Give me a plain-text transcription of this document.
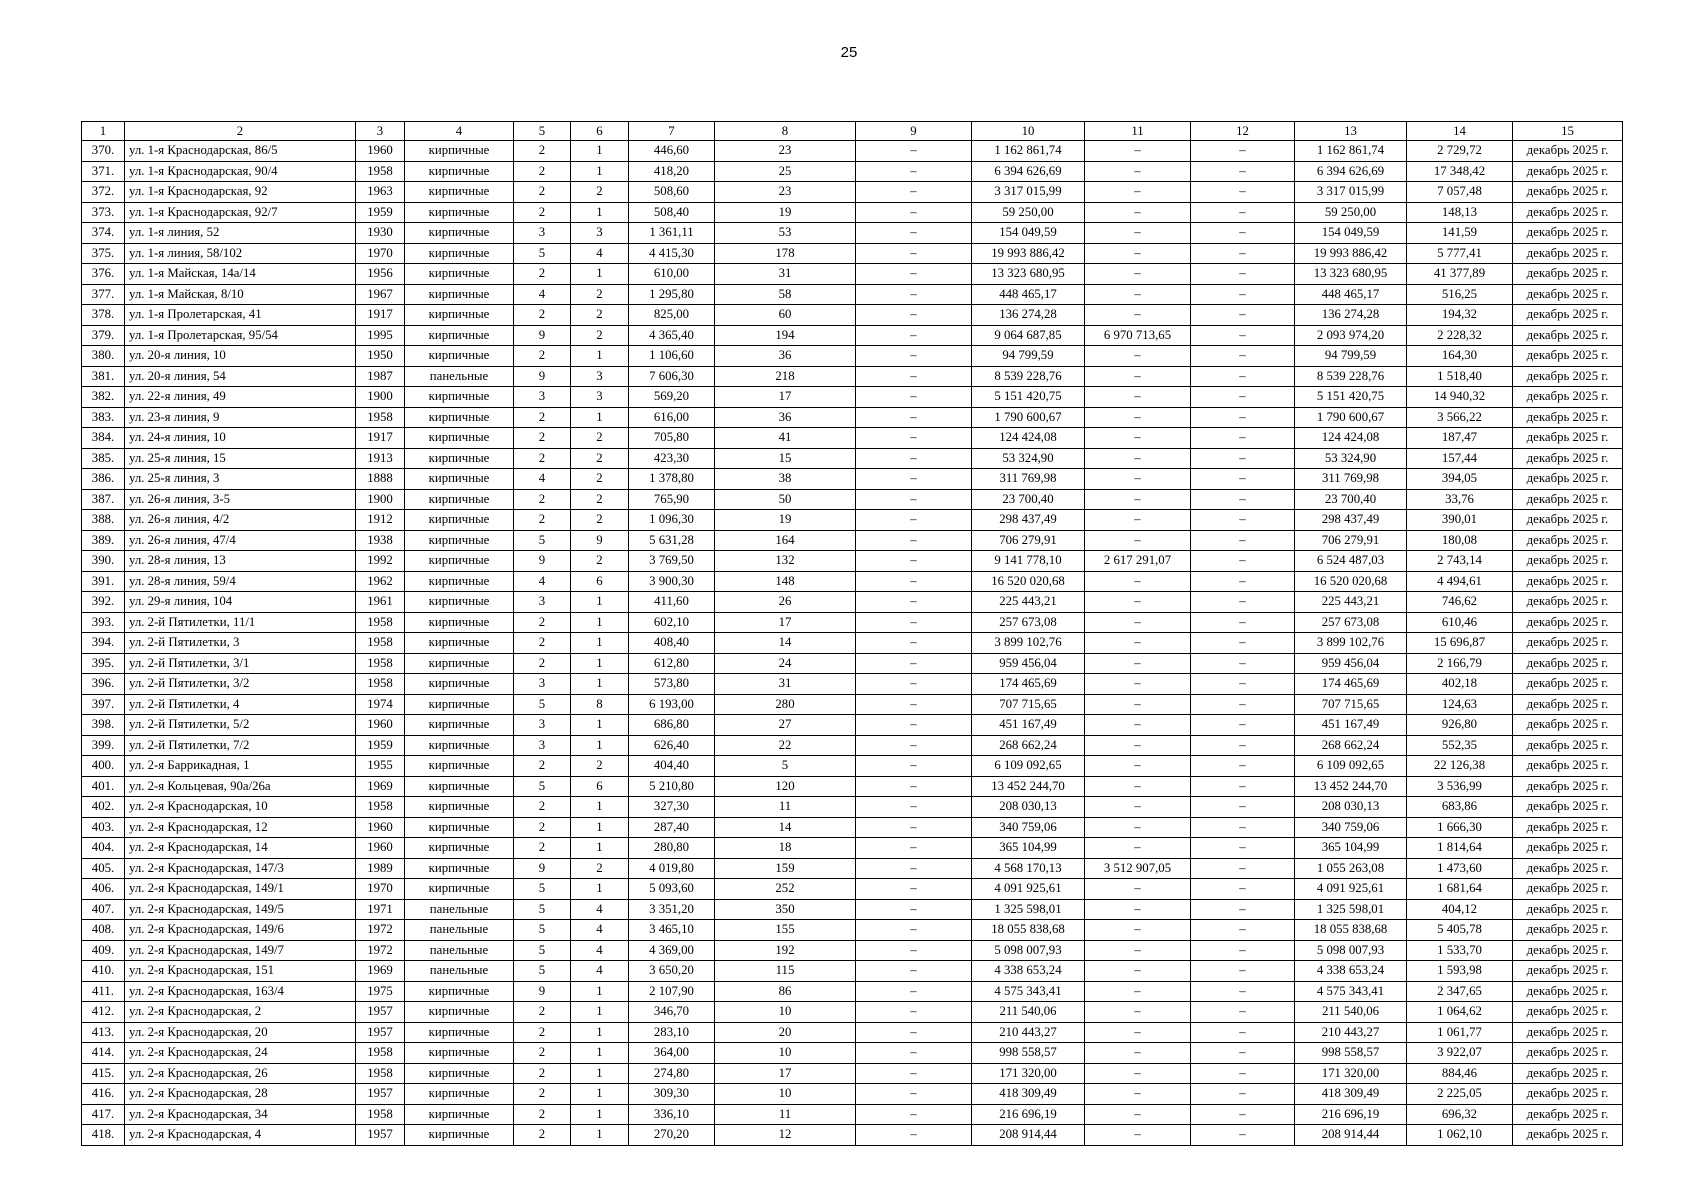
25
1	2	3	4	5	6	7	8	9	10	11	12	13	14	15
370.	ул. 1-я Краснодарская, 86/5	1960	кирпичные	2	1	446,60	23	–	1 162 861,74	–	–	1 162 861,74	2 729,72	декабрь 2025 г.
371.	ул. 1-я Краснодарская, 90/4	1958	кирпичные	2	1	418,20	25	–	6 394 626,69	–	–	6 394 626,69	17 348,42	декабрь 2025 г.
372.	ул. 1-я Краснодарская, 92	1963	кирпичные	2	2	508,60	23	–	3 317 015,99	–	–	3 317 015,99	7 057,48	декабрь 2025 г.
373.	ул. 1-я Краснодарская, 92/7	1959	кирпичные	2	1	508,40	19	–	59 250,00	–	–	59 250,00	148,13	декабрь 2025 г.
374.	ул. 1-я линия, 52	1930	кирпичные	3	3	1 361,11	53	–	154 049,59	–	–	154 049,59	141,59	декабрь 2025 г.
375.	ул. 1-я линия, 58/102	1970	кирпичные	5	4	4 415,30	178	–	19 993 886,42	–	–	19 993 886,42	5 777,41	декабрь 2025 г.
376.	ул. 1-я Майская, 14а/14	1956	кирпичные	2	1	610,00	31	–	13 323 680,95	–	–	13 323 680,95	41 377,89	декабрь 2025 г.
377.	ул. 1-я Майская, 8/10	1967	кирпичные	4	2	1 295,80	58	–	448 465,17	–	–	448 465,17	516,25	декабрь 2025 г.
378.	ул. 1-я Пролетарская, 41	1917	кирпичные	2	2	825,00	60	–	136 274,28	–	–	136 274,28	194,32	декабрь 2025 г.
379.	ул. 1-я Пролетарская, 95/54	1995	кирпичные	9	2	4 365,40	194	–	9 064 687,85	6 970 713,65	–	2 093 974,20	2 228,32	декабрь 2025 г.
380.	ул. 20-я линия, 10	1950	кирпичные	2	1	1 106,60	36	–	94 799,59	–	–	94 799,59	164,30	декабрь 2025 г.
381.	ул. 20-я линия, 54	1987	панельные	9	3	7 606,30	218	–	8 539 228,76	–	–	8 539 228,76	1 518,40	декабрь 2025 г.
382.	ул. 22-я линия, 49	1900	кирпичные	3	3	569,20	17	–	5 151 420,75	–	–	5 151 420,75	14 940,32	декабрь 2025 г.
383.	ул. 23-я линия, 9	1958	кирпичные	2	1	616,00	36	–	1 790 600,67	–	–	1 790 600,67	3 566,22	декабрь 2025 г.
384.	ул. 24-я линия, 10	1917	кирпичные	2	2	705,80	41	–	124 424,08	–	–	124 424,08	187,47	декабрь 2025 г.
385.	ул. 25-я линия, 15	1913	кирпичные	2	2	423,30	15	–	53 324,90	–	–	53 324,90	157,44	декабрь 2025 г.
386.	ул. 25-я линия, 3	1888	кирпичные	4	2	1 378,80	38	–	311 769,98	–	–	311 769,98	394,05	декабрь 2025 г.
387.	ул. 26-я линия, 3-5	1900	кирпичные	2	2	765,90	50	–	23 700,40	–	–	23 700,40	33,76	декабрь 2025 г.
388.	ул. 26-я линия, 4/2	1912	кирпичные	2	2	1 096,30	19	–	298 437,49	–	–	298 437,49	390,01	декабрь 2025 г.
389.	ул. 26-я линия, 47/4	1938	кирпичные	5	9	5 631,28	164	–	706 279,91	–	–	706 279,91	180,08	декабрь 2025 г.
390.	ул. 28-я линия, 13	1992	кирпичные	9	2	3 769,50	132	–	9 141 778,10	2 617 291,07	–	6 524 487,03	2 743,14	декабрь 2025 г.
391.	ул. 28-я линия, 59/4	1962	кирпичные	4	6	3 900,30	148	–	16 520 020,68	–	–	16 520 020,68	4 494,61	декабрь 2025 г.
392.	ул. 29-я линия, 104	1961	кирпичные	3	1	411,60	26	–	225 443,21	–	–	225 443,21	746,62	декабрь 2025 г.
393.	ул. 2-й Пятилетки, 11/1	1958	кирпичные	2	1	602,10	17	–	257 673,08	–	–	257 673,08	610,46	декабрь 2025 г.
394.	ул. 2-й Пятилетки, 3	1958	кирпичные	2	1	408,40	14	–	3 899 102,76	–	–	3 899 102,76	15 696,87	декабрь 2025 г.
395.	ул. 2-й Пятилетки, 3/1	1958	кирпичные	2	1	612,80	24	–	959 456,04	–	–	959 456,04	2 166,79	декабрь 2025 г.
396.	ул. 2-й Пятилетки, 3/2	1958	кирпичные	3	1	573,80	31	–	174 465,69	–	–	174 465,69	402,18	декабрь 2025 г.
397.	ул. 2-й Пятилетки, 4	1974	кирпичные	5	8	6 193,00	280	–	707 715,65	–	–	707 715,65	124,63	декабрь 2025 г.
398.	ул. 2-й Пятилетки, 5/2	1960	кирпичные	3	1	686,80	27	–	451 167,49	–	–	451 167,49	926,80	декабрь 2025 г.
399.	ул. 2-й Пятилетки, 7/2	1959	кирпичные	3	1	626,40	22	–	268 662,24	–	–	268 662,24	552,35	декабрь 2025 г.
400.	ул. 2-я Баррикадная, 1	1955	кирпичные	2	2	404,40	5	–	6 109 092,65	–	–	6 109 092,65	22 126,38	декабрь 2025 г.
401.	ул. 2-я Кольцевая, 90а/26а	1969	кирпичные	5	6	5 210,80	120	–	13 452 244,70	–	–	13 452 244,70	3 536,99	декабрь 2025 г.
402.	ул. 2-я Краснодарская, 10	1958	кирпичные	2	1	327,30	11	–	208 030,13	–	–	208 030,13	683,86	декабрь 2025 г.
403.	ул. 2-я Краснодарская, 12	1960	кирпичные	2	1	287,40	14	–	340 759,06	–	–	340 759,06	1 666,30	декабрь 2025 г.
404.	ул. 2-я Краснодарская, 14	1960	кирпичные	2	1	280,80	18	–	365 104,99	–	–	365 104,99	1 814,64	декабрь 2025 г.
405.	ул. 2-я Краснодарская, 147/3	1989	кирпичные	9	2	4 019,80	159	–	4 568 170,13	3 512 907,05	–	1 055 263,08	1 473,60	декабрь 2025 г.
406.	ул. 2-я Краснодарская, 149/1	1970	кирпичные	5	1	5 093,60	252	–	4 091 925,61	–	–	4 091 925,61	1 681,64	декабрь 2025 г.
407.	ул. 2-я Краснодарская, 149/5	1971	панельные	5	4	3 351,20	350	–	1 325 598,01	–	–	1 325 598,01	404,12	декабрь 2025 г.
408.	ул. 2-я Краснодарская, 149/6	1972	панельные	5	4	3 465,10	155	–	18 055 838,68	–	–	18 055 838,68	5 405,78	декабрь 2025 г.
409.	ул. 2-я Краснодарская, 149/7	1972	панельные	5	4	4 369,00	192	–	5 098 007,93	–	–	5 098 007,93	1 533,70	декабрь 2025 г.
410.	ул. 2-я Краснодарская, 151	1969	панельные	5	4	3 650,20	115	–	4 338 653,24	–	–	4 338 653,24	1 593,98	декабрь 2025 г.
411.	ул. 2-я Краснодарская, 163/4	1975	кирпичные	9	1	2 107,90	86	–	4 575 343,41	–	–	4 575 343,41	2 347,65	декабрь 2025 г.
412.	ул. 2-я Краснодарская, 2	1957	кирпичные	2	1	346,70	10	–	211 540,06	–	–	211 540,06	1 064,62	декабрь 2025 г.
413.	ул. 2-я Краснодарская, 20	1957	кирпичные	2	1	283,10	20	–	210 443,27	–	–	210 443,27	1 061,77	декабрь 2025 г.
414.	ул. 2-я Краснодарская, 24	1958	кирпичные	2	1	364,00	10	–	998 558,57	–	–	998 558,57	3 922,07	декабрь 2025 г.
415.	ул. 2-я Краснодарская, 26	1958	кирпичные	2	1	274,80	17	–	171 320,00	–	–	171 320,00	884,46	декабрь 2025 г.
416.	ул. 2-я Краснодарская, 28	1957	кирпичные	2	1	309,30	10	–	418 309,49	–	–	418 309,49	2 225,05	декабрь 2025 г.
417.	ул. 2-я Краснодарская, 34	1958	кирпичные	2	1	336,10	11	–	216 696,19	–	–	216 696,19	696,32	декабрь 2025 г.
418.	ул. 2-я Краснодарская, 4	1957	кирпичные	2	1	270,20	12	–	208 914,44	–	–	208 914,44	1 062,10	декабрь 2025 г.
